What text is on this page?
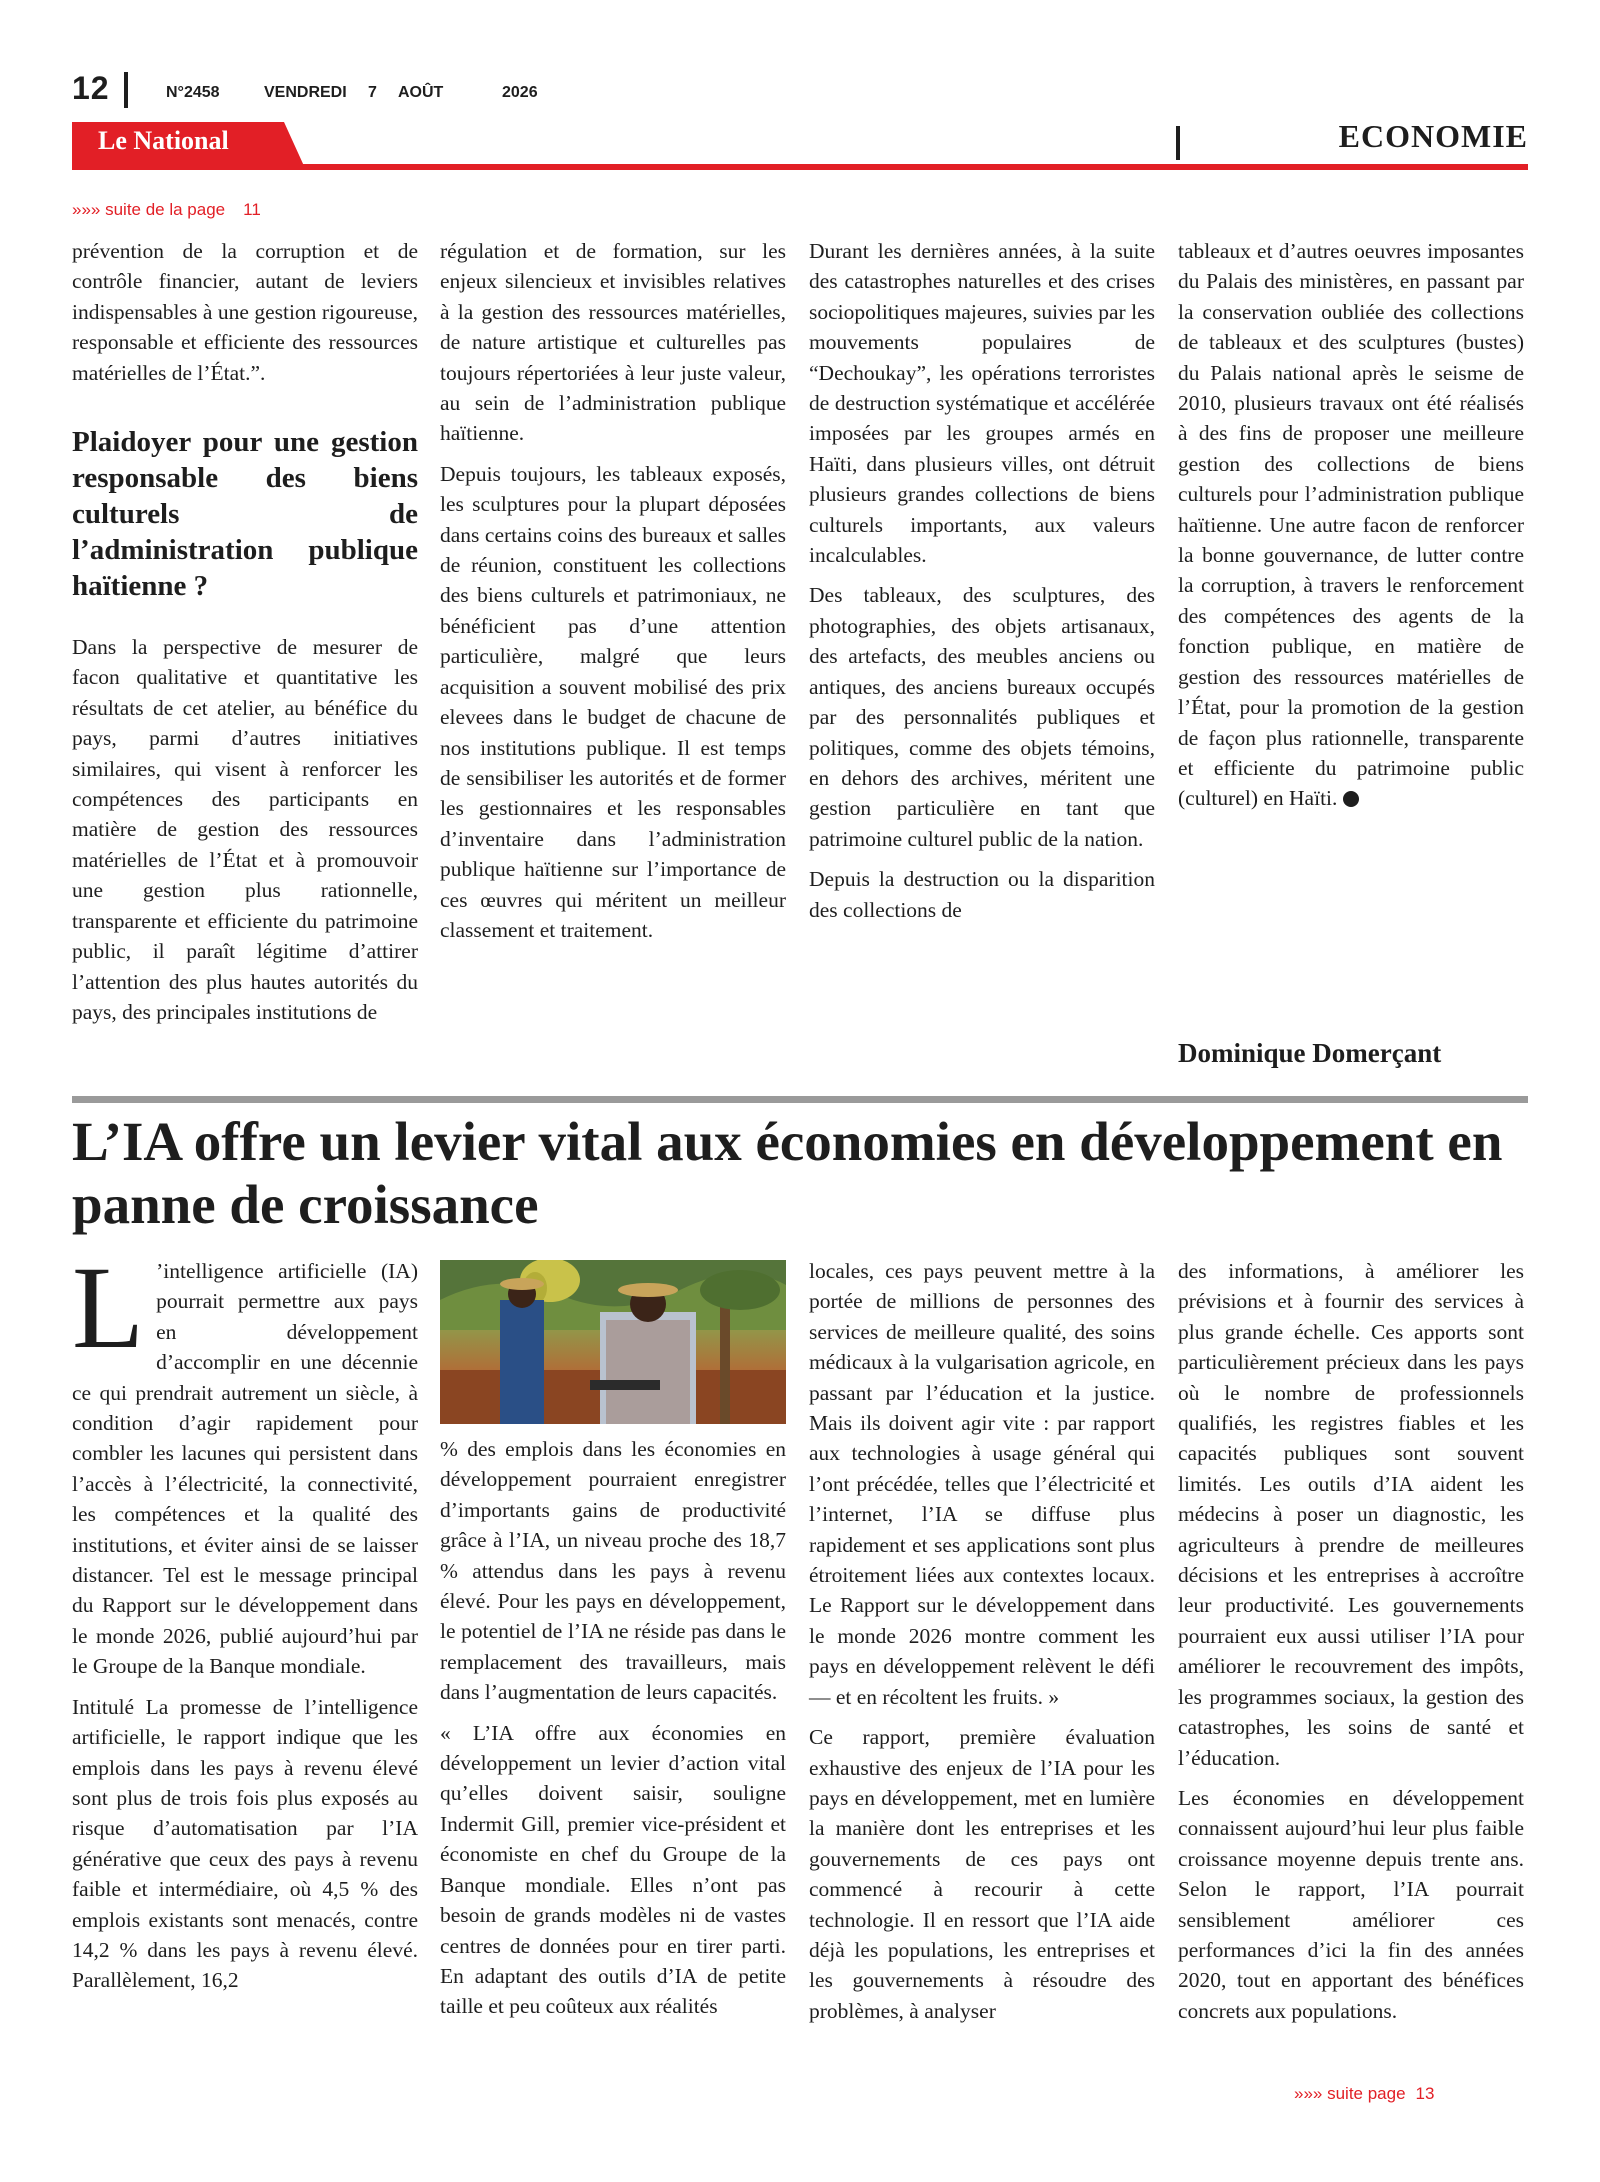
12	N°2458	VENDREDI 7 AOÛT	2026
Le National	ECONOMIE
»»» suite de la page 11

prévention de la corruption et de contrôle financier, autant de leviers indispensables à une gestion rigoureuse, responsable et efficiente des ressources matérielles de l’État.”.

Plaidoyer pour une gestion responsable des biens culturels de l’administration publique haïtienne ?

Dans la perspective de mesurer de facon qualitative et quantitative les résultats de cet atelier, au bénéfice du pays, parmi d’autres initiatives similaires, qui visent à renforcer les compétences des participants en matière de gestion des ressources matérielles de l’État et à promouvoir une gestion plus rationnelle, transparente et efficiente du patrimoine public, il paraît légitime d’attirer l’attention des plus hautes autorités du pays, des principales institutions de

régulation et de formation, sur les enjeux silencieux et invisibles relatives à la gestion des ressources matérielles, de nature artistique et culturelles pas toujours répertoriées à leur juste valeur, au sein de l’administration publique haïtienne.

Depuis toujours, les tableaux exposés, les sculptures pour la plupart déposées dans certains coins des bureaux et salles de réunion, constituent les collections des biens culturels et patrimoniaux, ne bénéficient pas d’une attention particulière, malgré que leurs acquisition a souvent mobilisé des prix elevees dans le budget de chacune de nos institutions publique. Il est temps de sensibiliser les autorités et de former les gestionnaires et les responsables d’inventaire dans l’administration publique haïtienne sur l’importance de ces œuvres qui méritent un meilleur classement et traitement.

Durant les dernières années, à la suite des catastrophes naturelles et des crises sociopolitiques majeures, suivies par les mouvements populaires de “Dechoukay”, les opérations terroristes de destruction systématique et accélérée imposées par les groupes armés en Haïti, dans plusieurs villes, ont détruit plusieurs grandes collections de biens culturels importants, aux valeurs incalculables.

Des tableaux, des sculptures, des photographies, des objets artisanaux, des artefacts, des meubles anciens ou antiques, des anciens bureaux occupés par des personnalités publiques et politiques, comme des objets témoins, en dehors des archives, méritent une gestion particulière en tant que patrimoine culturel public de la nation.

Depuis la destruction ou la disparition des collections de

tableaux et d’autres oeuvres imposantes du Palais des ministères, en passant par la conservation oubliée des collections de tableaux et des sculptures (bustes) du Palais national après le seisme de 2010, plusieurs travaux ont été réalisés à des fins de proposer une meilleure gestion des collections de biens culturels pour l’administration publique haïtienne. Une autre facon de renforcer la bonne gouvernance, de lutter contre la corruption, à travers le renforcement des compétences des agents de la fonction publique, en matière de gestion des ressources matérielles de l’État, pour la promotion de la gestion de façon plus rationnelle, transparente et efficiente du patrimoine public (culturel) en Haïti.

Dominique Domerçant
L’IA offre un levier vital aux économies en développement en panne de croissance

L ’intelligence artificielle (IA) pourrait permettre aux pays en développement d’accomplir en une décennie ce qui prendrait autrement un siècle, à condition d’agir rapidement pour combler les lacunes qui persistent dans l’accès à l’électricité, la connectivité, les compétences et la qualité des institutions, et éviter ainsi de se laisser distancer. Tel est le message principal du Rapport sur le développement dans le monde 2026, publié aujourd’hui par le Groupe de la Banque mondiale.

Intitulé La promesse de l’intelligence artificielle, le rapport indique que les emplois dans les pays à revenu élevé sont plus de trois fois plus exposés au risque d’automatisation par l’IA générative que ceux des pays à revenu faible et intermédiaire, où 4,5 % des emplois existants sont menacés, contre 14,2 % dans les pays à revenu élevé. Parallèlement, 16,2

% des emplois dans les économies en développement pourraient enregistrer d’importants gains de productivité grâce à l’IA, un niveau proche des 18,7 % attendus dans les pays à revenu élevé. Pour les pays en développement, le potentiel de l’IA ne réside pas dans le remplacement des travailleurs, mais dans l’augmentation de leurs capacités.

« L’IA offre aux économies en développement un levier d’action vital qu’elles doivent saisir, souligne Indermit Gill, premier vice-président et économiste en chef du Groupe de la Banque mondiale. Elles n’ont pas besoin de grands modèles ni de vastes centres de données pour en tirer parti. En adaptant des outils d’IA de petite taille et peu coûteux aux réalités

locales, ces pays peuvent mettre à la portée de millions de personnes des services de meilleure qualité, des soins médicaux à la vulgarisation agricole, en passant par l’éducation et la justice. Mais ils doivent agir vite : par rapport aux technologies à usage général qui l’ont précédée, telles que l’électricité et l’internet, l’IA se diffuse plus rapidement et ses applications sont plus étroitement liées aux contextes locaux. Le Rapport sur le développement dans le monde 2026 montre comment les pays en développement relèvent le défi — et en récoltent les fruits. »

Ce rapport, première évaluation exhaustive des enjeux de l’IA pour les pays en développement, met en lumière la manière dont les entreprises et les gouvernements de ces pays ont commencé à recourir à cette technologie. Il en ressort que l’IA aide déjà les populations, les entreprises et les gouvernements à résoudre des problèmes, à analyser

des informations, à améliorer les prévisions et à fournir des services à plus grande échelle. Ces apports sont particulièrement précieux dans les pays où le nombre de professionnels qualifiés, les registres fiables et les capacités publiques sont souvent limités. Les outils d’IA aident les médecins à poser un diagnostic, les agriculteurs à prendre de meilleures décisions et les entreprises à accroître leur productivité. Les gouvernements pourraient eux aussi utiliser l’IA pour améliorer le recouvrement des impôts, les programmes sociaux, la gestion des catastrophes, les soins de santé et l’éducation.

Les économies en développement connaissent aujourd’hui leur plus faible croissance moyenne depuis trente ans. Selon le rapport, l’IA pourrait sensiblement améliorer ces performances d’ici la fin des années 2020, tout en apportant des bénéfices concrets aux populations.

»»» suite page 13
